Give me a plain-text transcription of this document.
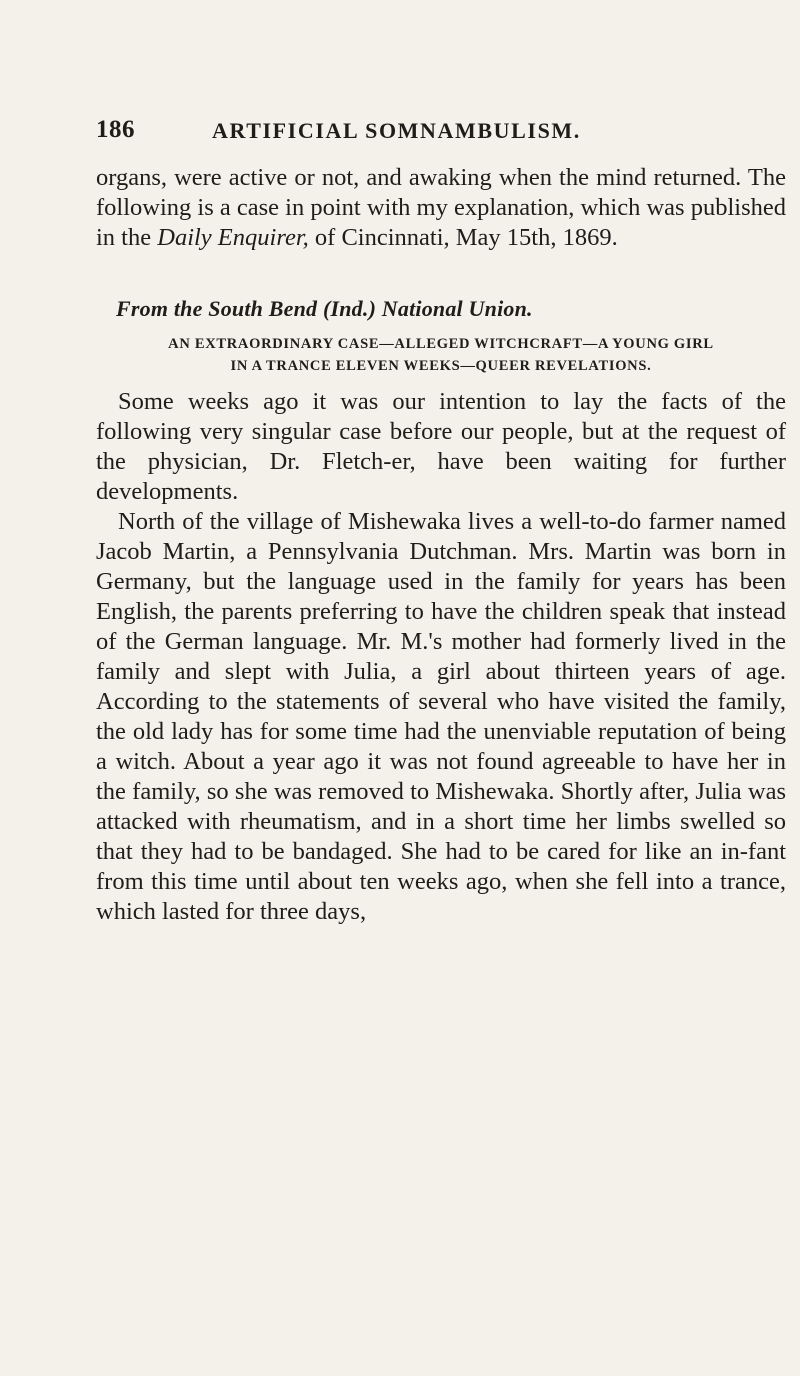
186	ARTIFICIAL SOMNAMBULISM.

organs, were active or not, and awaking when the mind returned. The following is a case in point with my explanation, which was published in the Daily Enquirer, of Cincinnati, May 15th, 1869.

From the South Bend (Ind.) National Union.
AN EXTRAORDINARY CASE—ALLEGED WITCHCRAFT—A YOUNG GIRL
IN A TRANCE ELEVEN WEEKS—QUEER REVELATIONS.

Some weeks ago it was our intention to lay the facts of the following very singular case before our people, but at the request of the physician, Dr. Fletch-er, have been waiting for further developments.

North of the village of Mishewaka lives a well-to-do farmer named Jacob Martin, a Pennsylvania Dutchman. Mrs. Martin was born in Germany, but the language used in the family for years has been English, the parents preferring to have the children speak that instead of the German language. Mr. M.'s mother had formerly lived in the family and slept with Julia, a girl about thirteen years of age. According to the statements of several who have visited the family, the old lady has for some time had the unenviable reputation of being a witch. About a year ago it was not found agreeable to have her in the family, so she was removed to Mishewaka. Shortly after, Julia was attacked with rheumatism, and in a short time her limbs swelled so that they had to be bandaged. She had to be cared for like an in-fant from this time until about ten weeks ago, when she fell into a trance, which lasted for three days,
